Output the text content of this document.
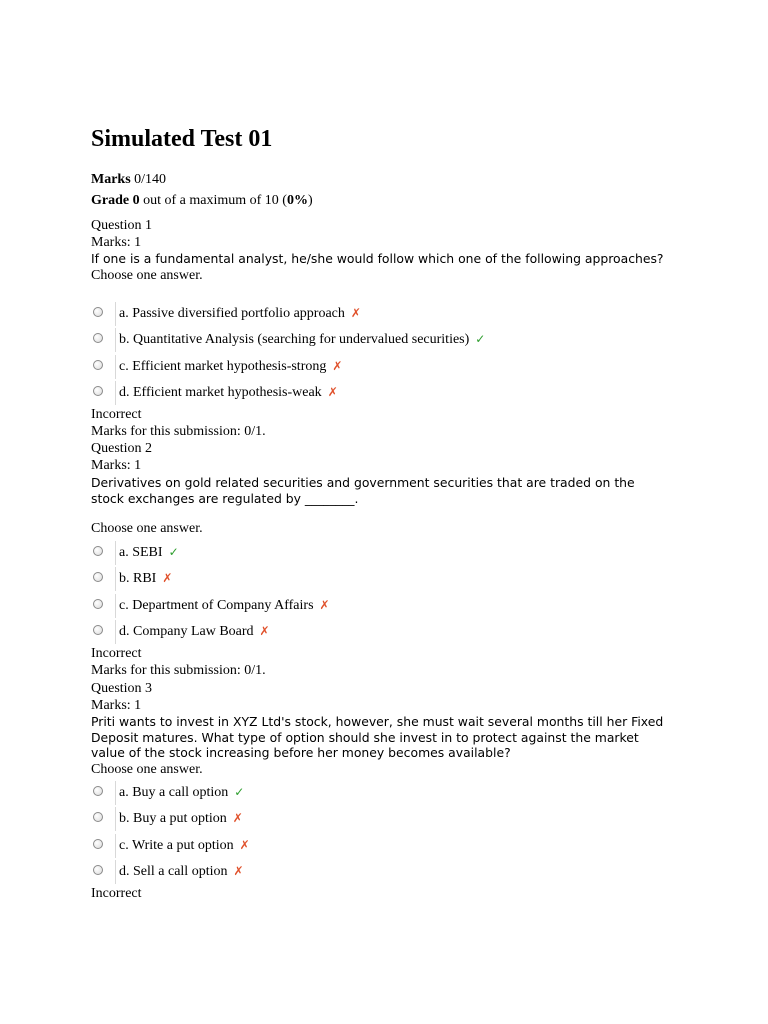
Simulated Test 01
Marks 0/140
Grade 0 out of a maximum of 10 (0%)
Question 1
Marks: 1
If one is a fundamental analyst, he/she would follow which one of the following approaches?
Choose one answer.
a. Passive diversified portfolio approach ✗
b. Quantitative Analysis (searching for undervalued securities) ✓
c. Efficient market hypothesis-strong ✗
d. Efficient market hypothesis-weak ✗
Incorrect
Marks for this submission: 0/1.
Question 2
Marks: 1
Derivatives on gold related securities and government securities that are traded on the
stock exchanges are regulated by ________.
Choose one answer.
a. SEBI ✓
b. RBI ✗
c. Department of Company Affairs ✗
d. Company Law Board ✗
Incorrect
Marks for this submission: 0/1.
Question 3
Marks: 1
Priti wants to invest in XYZ Ltd's stock, however, she must wait several months till her Fixed
Deposit matures. What type of option should she invest in to protect against the market
value of the stock increasing before her money becomes available?
Choose one answer.
a. Buy a call option ✓
b. Buy a put option ✗
c. Write a put option ✗
d. Sell a call option ✗
Incorrect
